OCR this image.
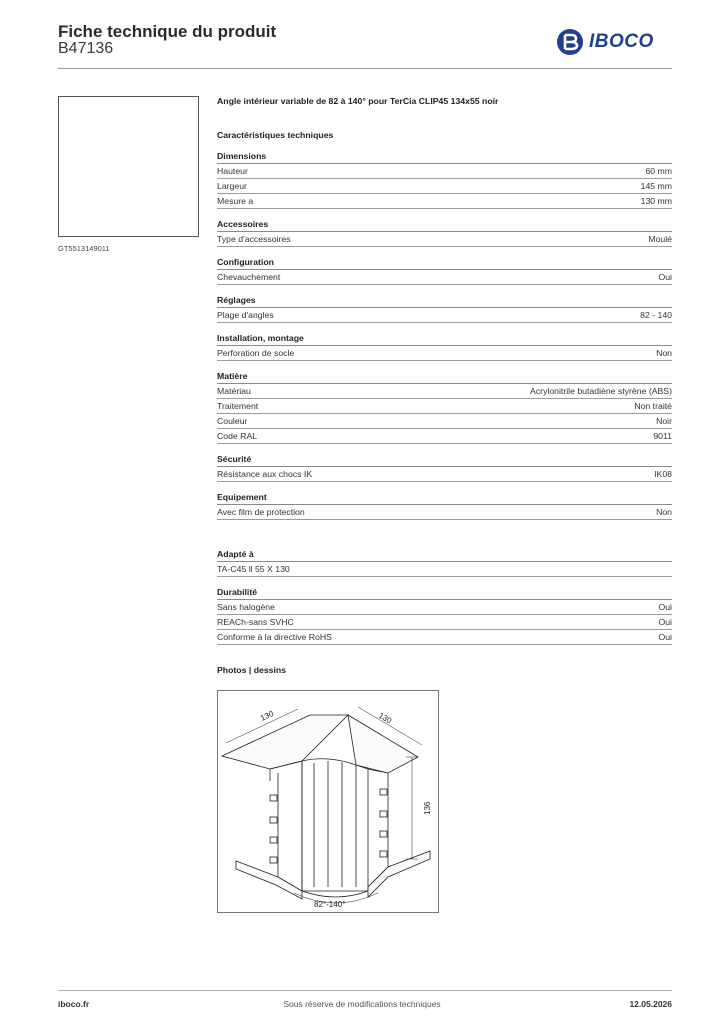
Fiche technique du produit
B47136	IBOCO
GT5513149011
Angle intérieur variable de 82 à 140° pour TerCia CLIP45 134x55 noir
Caractéristiques techniques
Dimensions
Hauteur	60 mm
Largeur	145 mm
Mesure a	130 mm
Accessoires
Type d'accessoires	Moulé
Configuration
Chevauchement	Oui
Réglages
Plage d'angles	82 - 140
Installation, montage
Perforation de socle	Non
Matière
Matériau	Acrylonitrile butadiène styrène (ABS)
Traitement	Non traité
Couleur	Noir
Code RAL	9011
Sécurité
Résistance aux chocs IK	IK08
Equipement
Avec film de protection	Non
Adapté à
TA-C45 ll 55 X 130
Durabilité
Sans halogène	Oui
REACh-sans SVHC	Oui
Conforme à la directive RoHS	Oui
Photos | dessins
130	130
136
82°-140°
iboco.fr	Sous réserve de modifications techniques	12.05.2026
